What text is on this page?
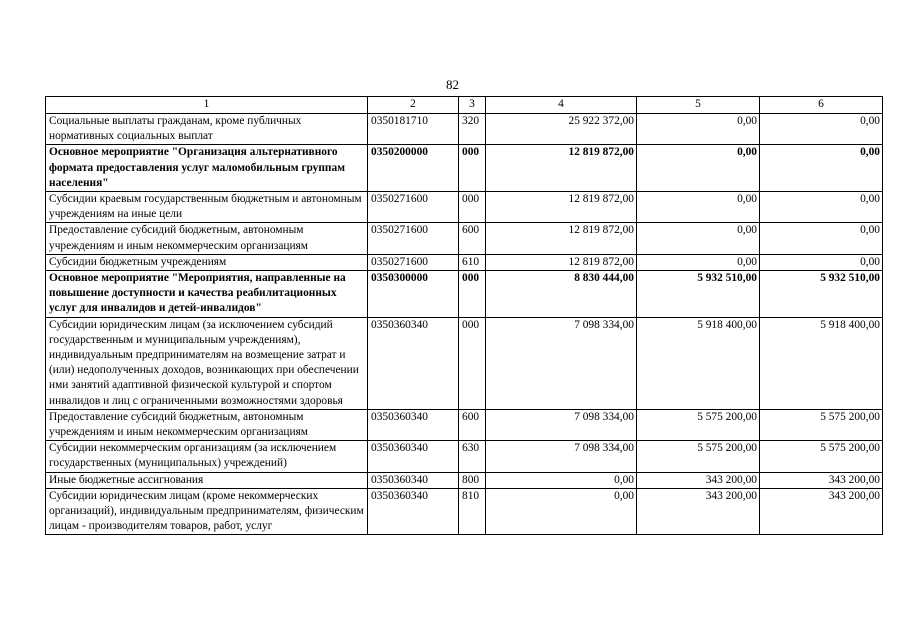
82
1	2	3	4	5	6
Социальные выплаты гражданам, кроме публичных нормативных социальных выплат	0350181710	320	25 922 372,00	0,00	0,00
Основное мероприятие "Организация альтернативного формата предоставления услуг маломобильным группам населения"	0350200000	000	12 819 872,00	0,00	0,00
Субсидии краевым государственным бюджетным и автономным учреждениям на иные цели	0350271600	000	12 819 872,00	0,00	0,00
Предоставление субсидий бюджетным, автономным учреждениям и иным некоммерческим организациям	0350271600	600	12 819 872,00	0,00	0,00
Субсидии бюджетным учреждениям	0350271600	610	12 819 872,00	0,00	0,00
Основное мероприятие "Мероприятия, направленные на повышение доступности и качества реабилитационных услуг для инвалидов и детей-инвалидов"	0350300000	000	8 830 444,00	5 932 510,00	5 932 510,00
Субсидии юридическим лицам (за исключением субсидий государственным и муниципальным учреждениям), индивидуальным предпринимателям на возмещение затрат и (или) недополученных доходов, возникающих при обеспечении ими занятий адаптивной физической культурой и спортом инвалидов и лиц с ограниченными возможностями здоровья	0350360340	000	7 098 334,00	5 918 400,00	5 918 400,00
Предоставление субсидий бюджетным, автономным учреждениям и иным некоммерческим организациям	0350360340	600	7 098 334,00	5 575 200,00	5 575 200,00
Субсидии некоммерческим организациям (за исключением государственных (муниципальных) учреждений)	0350360340	630	7 098 334,00	5 575 200,00	5 575 200,00
Иные бюджетные ассигнования	0350360340	800	0,00	343 200,00	343 200,00
Субсидии юридическим лицам (кроме некоммерческих организаций), индивидуальным предпринимателям, физическим лицам - производителям товаров, работ, услуг	0350360340	810	0,00	343 200,00	343 200,00
